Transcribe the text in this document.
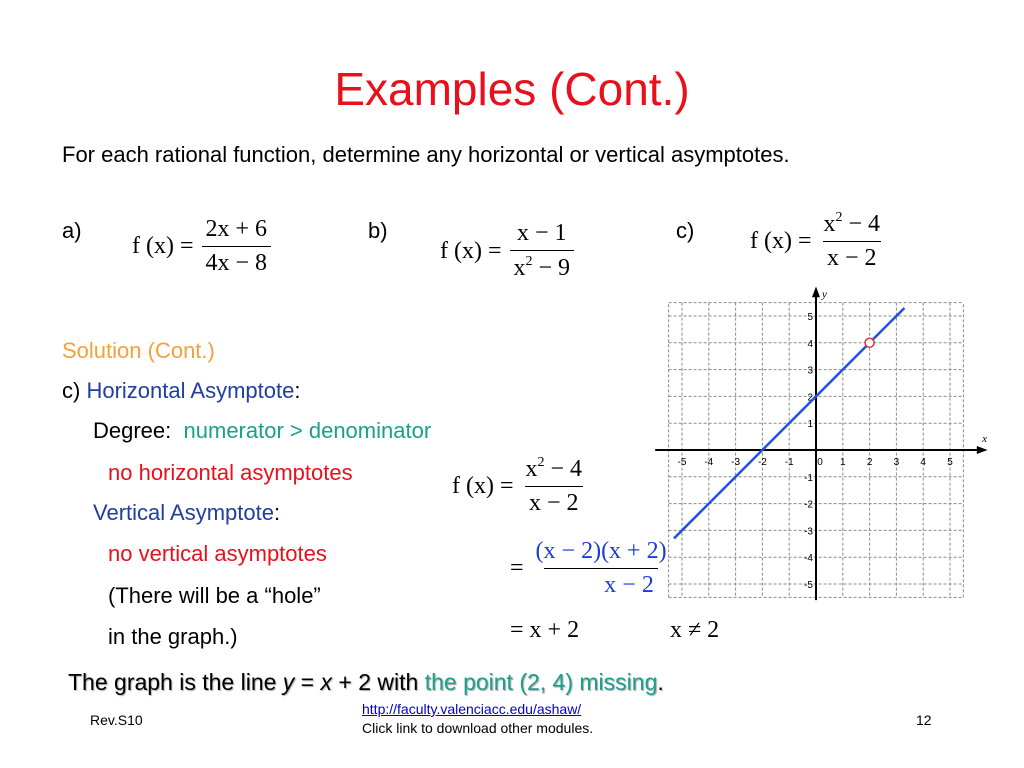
Examples (Cont.)
For each rational function, determine any horizontal or vertical asymptotes.
a)	b)	c)
f $(x) = \frac{2x + 6}{4x - 8}$	f $(x) = \frac{x - 1}{x^2 - 9}$	f $(x) = \frac{x^2 - 4}{x - 2}$
Solution (Cont.)
c) Horizontal Asymptote:
Degree: numerator > denominator
no horizontal asymptotes
Vertical Asymptote:
no vertical asymptotes
(There will be a “hole”
in the graph.)
f $(x) = \frac{x^2 - 4}{x - 2}$
= $\frac{(x - 2)(x + 2)}{x - 2}$
= x + 2	x ≠ 2
x
y
-5 -4 -3 -2 -1 0 1 2 3 4 5
5
4
3
2
1
-1
-2
-3
-4
-5
The graph is the line y = x + 2 with the point (2, 4) missing.
Rev.S10
http://faculty.valenciacc.edu/ashaw/
Click link to download other modules.	12
